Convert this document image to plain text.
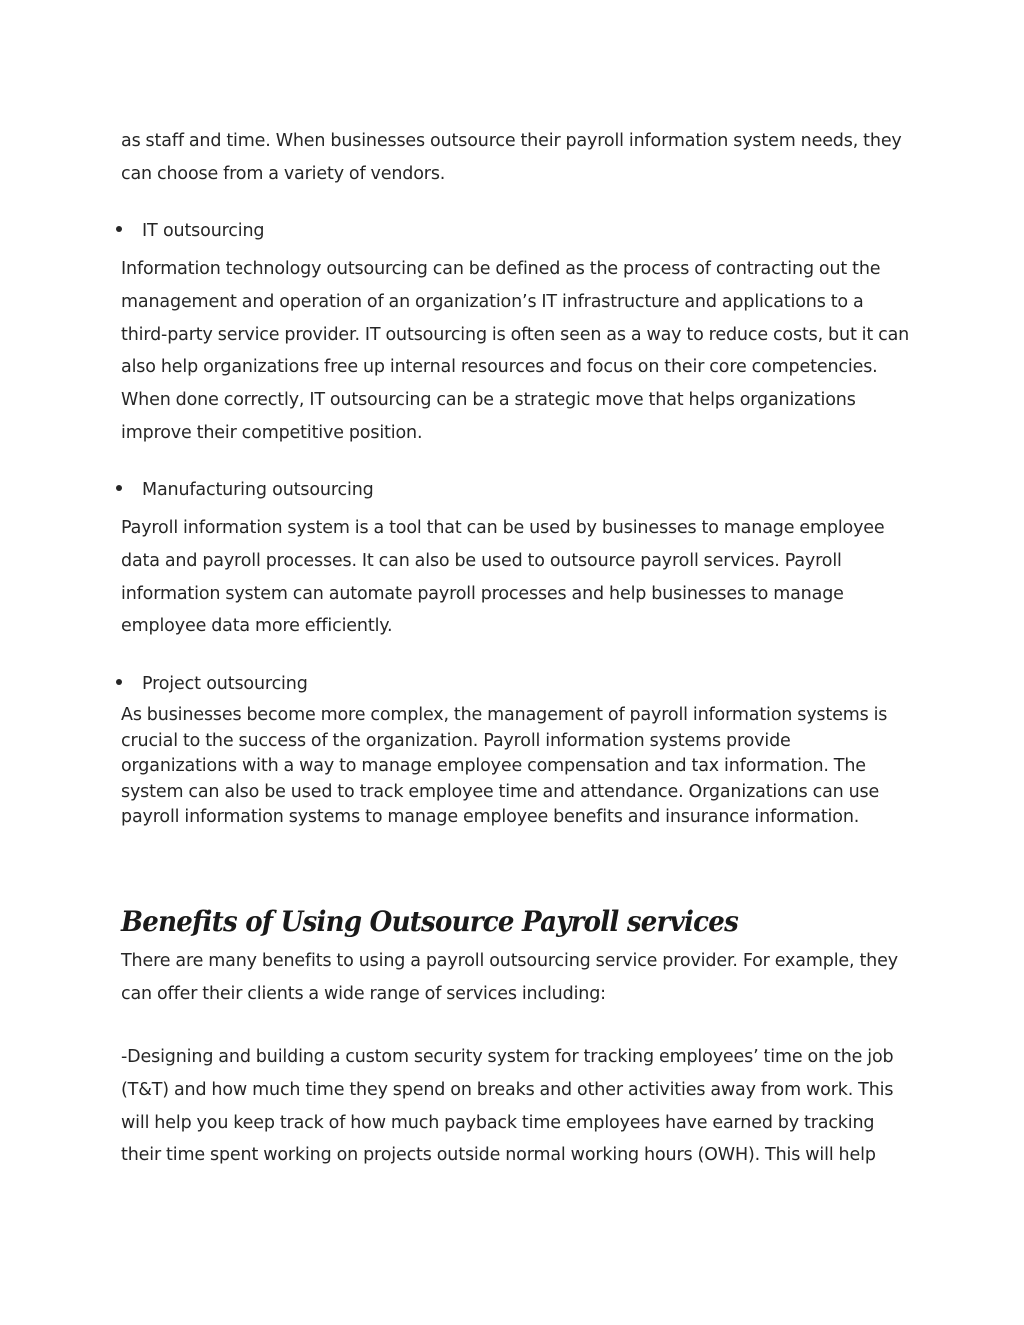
as staff and time. When businesses outsource their payroll information system needs, they can choose from a variety of vendors.

IT outsourcing

Information technology outsourcing can be defined as the process of contracting out the management and operation of an organization’s IT infrastructure and applications to a third-party service provider. IT outsourcing is often seen as a way to reduce costs, but it can also help organizations free up internal resources and focus on their core competencies. When done correctly, IT outsourcing can be a strategic move that helps organizations improve their competitive position.

Manufacturing outsourcing

Payroll information system is a tool that can be used by businesses to manage employee data and payroll processes. It can also be used to outsource payroll services. Payroll information system can automate payroll processes and help businesses to manage employee data more efficiently.

Project outsourcing

As businesses become more complex, the management of payroll information systems is crucial to the success of the organization. Payroll information systems provide organizations with a way to manage employee compensation and tax information. The system can also be used to track employee time and attendance. Organizations can use payroll information systems to manage employee benefits and insurance information.

Benefits of Using Outsource Payroll services

There are many benefits to using a payroll outsourcing service provider. For example, they can offer their clients a wide range of services including:

-Designing and building a custom security system for tracking employees’ time on the job (T&T) and how much time they spend on breaks and other activities away from work. This will help you keep track of how much payback time employees have earned by tracking their time spent working on projects outside normal working hours (OWH). This will help
